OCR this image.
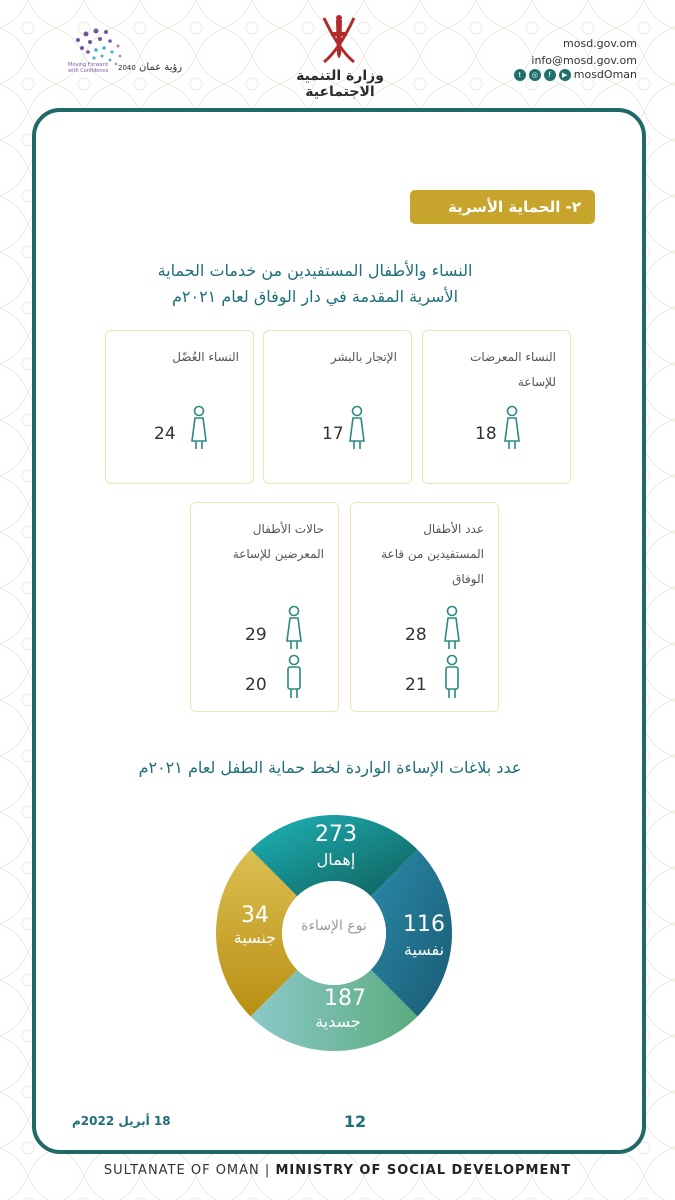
رؤية عمان 2040
Moving Forward with Confidence	وزارة التنمية الاجتماعية
mosd.gov.om
info@mosd.gov.om
t	◎	f	▶ mosdOman
٢- الحماية الأسرية
النساء والأطفال المستفيدين من خدمات الحماية
الأسرية المقدمة في دار الوفاق لعام ٢٠٢١م
النساء المعرضات للإساعة
18
الإتجار بالبشر
17
النساء العُضّل
24
عدد الأطفال المستفيدين من قاعة الوفاق
28
21
حالات الأطفال المعرضين للإساعة
29
20
عدد بلاغات الإساءة الواردة لخط حماية الطفل لعام ٢٠٢١م
نوع الإساءة
273
إهمال
116
نفسية
187
جسدية
34
جنسية
12
18 أبريل 2022م
SULTANATE OF OMAN | MINISTRY OF SOCIAL DEVELOPMENT
